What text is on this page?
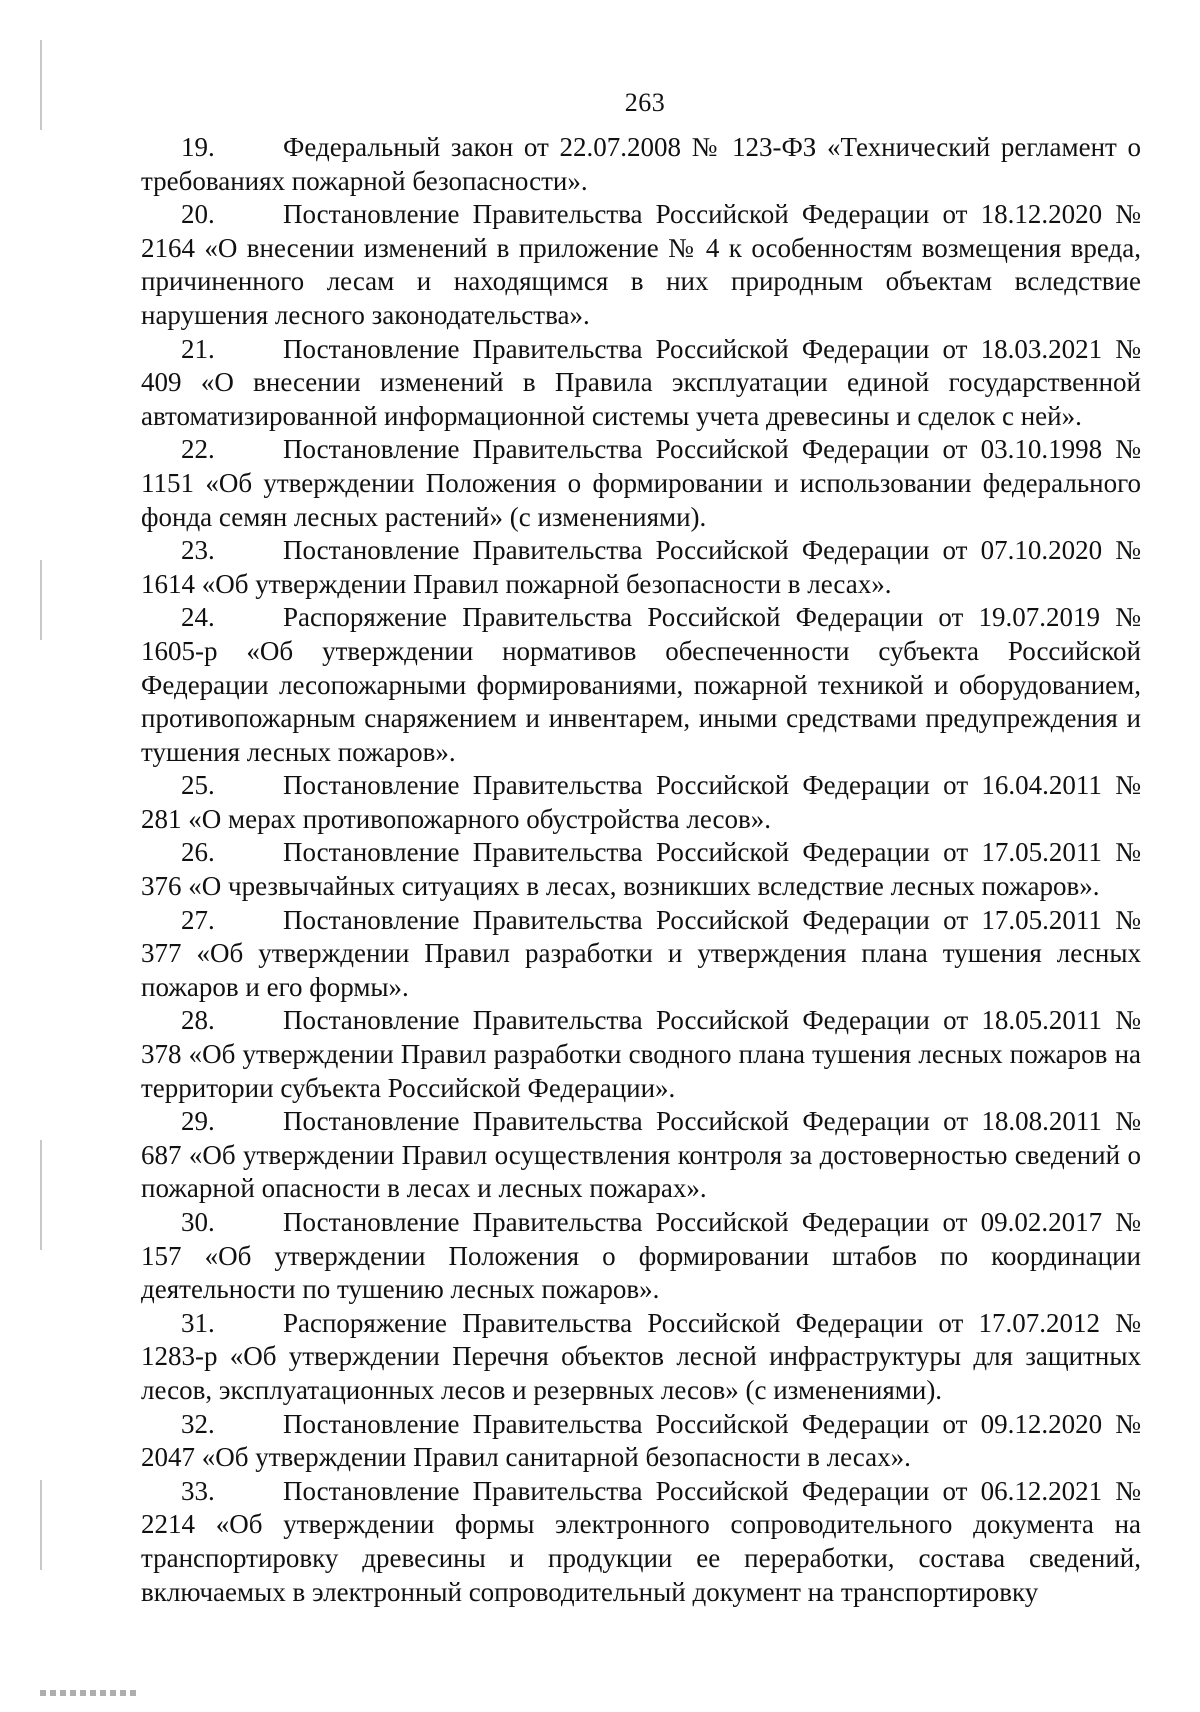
263

19.	Федеральный закон от 22.07.2008 № 123-ФЗ «Технический регламент о требованиях пожарной безопасности».

20.	Постановление Правительства Российской Федерации от 18.12.2020 № 2164 «О внесении изменений в приложение № 4 к особенностям возмещения вреда, причиненного лесам и находящимся в них природным объектам вследствие нарушения лесного законодательства».

21.	Постановление Правительства Российской Федерации от 18.03.2021 № 409 «О внесении изменений в Правила эксплуатации единой государственной автоматизированной информационной системы учета древесины и сделок с ней».

22.	Постановление Правительства Российской Федерации от 03.10.1998 № 1151 «Об утверждении Положения о формировании и использовании федерального фонда семян лесных растений» (с изменениями).

23.	Постановление Правительства Российской Федерации от 07.10.2020 № 1614 «Об утверждении Правил пожарной безопасности в лесах».

24.	Распоряжение Правительства Российской Федерации от 19.07.2019 № 1605-р «Об утверждении нормативов обеспеченности субъекта Российской Федерации лесопожарными формированиями, пожарной техникой и оборудованием, противопожарным снаряжением и инвентарем, иными средствами предупреждения и тушения лесных пожаров».

25.	Постановление Правительства Российской Федерации от 16.04.2011 № 281 «О мерах противопожарного обустройства лесов».

26.	Постановление Правительства Российской Федерации от 17.05.2011 № 376 «О чрезвычайных ситуациях в лесах, возникших вследствие лесных пожаров».

27.	Постановление Правительства Российской Федерации от 17.05.2011 № 377 «Об утверждении Правил разработки и утверждения плана тушения лесных пожаров и его формы».

28.	Постановление Правительства Российской Федерации от 18.05.2011 № 378 «Об утверждении Правил разработки сводного плана тушения лесных пожаров на территории субъекта Российской Федерации».

29.	Постановление Правительства Российской Федерации от 18.08.2011 № 687 «Об утверждении Правил осуществления контроля за достоверностью сведений о пожарной опасности в лесах и лесных пожарах».

30.	Постановление Правительства Российской Федерации от 09.02.2017 № 157 «Об утверждении Положения о формировании штабов по координации деятельности по тушению лесных пожаров».

31.	Распоряжение Правительства Российской Федерации от 17.07.2012 № 1283-р «Об утверждении Перечня объектов лесной инфраструктуры для защитных лесов, эксплуатационных лесов и резервных лесов» (с изменениями).

32.	Постановление Правительства Российской Федерации от 09.12.2020 № 2047 «Об утверждении Правил санитарной безопасности в лесах».

33.	Постановление Правительства Российской Федерации от 06.12.2021 № 2214 «Об утверждении формы электронного сопроводительного документа на транспортировку древесины и продукции ее переработки, состава сведений, включаемых в электронный сопроводительный документ на транспортировку
